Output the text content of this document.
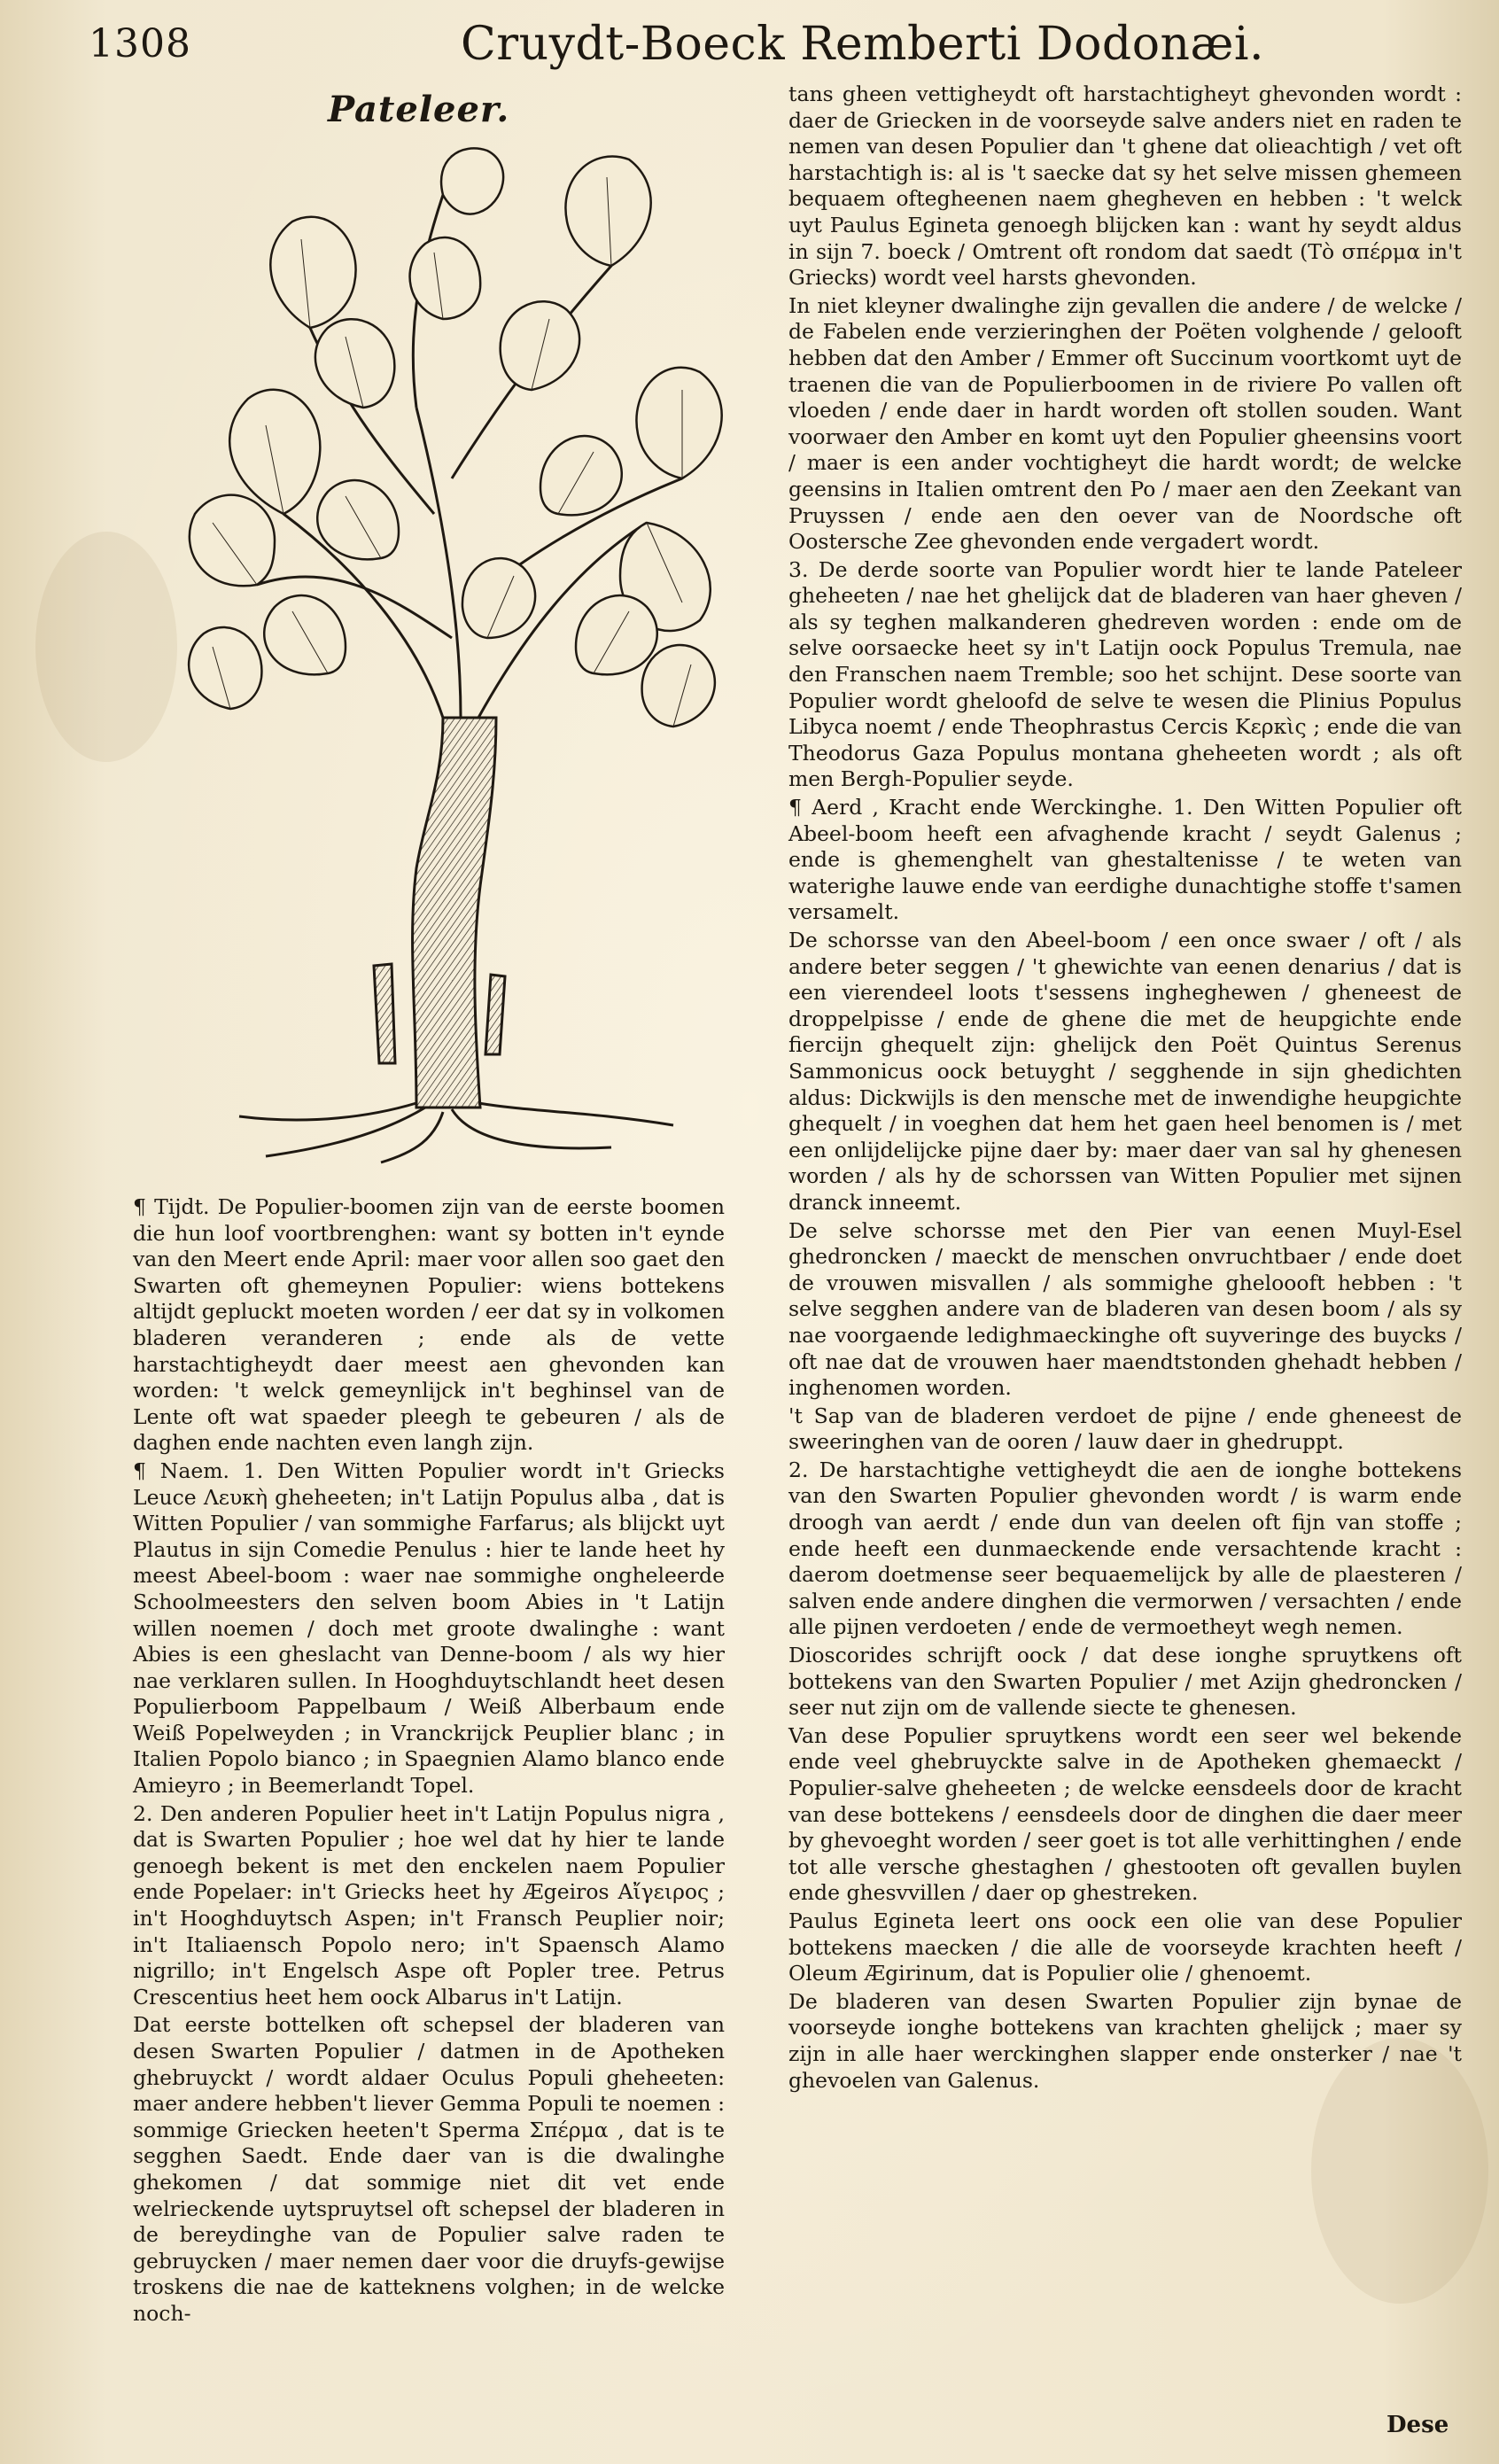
1308	Cruydt-Boeck Remberti Dodonæi.
Pateleer.

¶ Tijdt. De Populier-boomen zijn van de eerste boomen die hun loof voortbrenghen: want sy botten in't eynde van den Meert ende April: maer voor allen soo gaet den Swarten oft ghemeynen Populier: wiens bottekens altijdt gepluckt moeten worden / eer dat sy in volkomen bladeren veranderen ; ende als de vette harstachtigheydt daer meest aen ghevonden kan worden: 't welck gemeynlijck in't beghinsel van de Lente oft wat spaeder pleegh te gebeuren / als de daghen ende nachten even langh zijn.

¶ Naem. 1. Den Witten Populier wordt in't Griecks Leuce Λευκὴ gheheeten; in't Latijn Populus alba , dat is Witten Populier / van sommighe Farfarus; als blijckt uyt Plautus in sijn Comedie Penulus : hier te lande heet hy meest Abeel-boom : waer nae sommighe ongheleerde Schoolmeesters den selven boom Abies in 't Latijn willen noemen / doch met groote dwalinghe : want Abies is een gheslacht van Denne-boom / als wy hier nae verklaren sullen. In Hooghduytschlandt heet desen Populierboom Pappelbaum / Weiß Alberbaum ende Weiß Popelweyden ; in Vranckrijck Peuplier blanc ; in Italien Popolo bianco ; in Spaegnien Alamo blanco ende Amieyro ; in Beemerlandt Topel.

2. Den anderen Populier heet in't Latijn Populus nigra , dat is Swarten Populier ; hoe wel dat hy hier te lande genoegh bekent is met den enckelen naem Populier ende Popelaer: in't Griecks heet hy Ægeiros Αἴγειρος ; in't Hooghduytsch Aspen; in't Fransch Peuplier noir; in't Italiaensch Popolo nero; in't Spaensch Alamo nigrillo; in't Engelsch Aspe oft Popler tree. Petrus Crescentius heet hem oock Albarus in't Latijn.

Dat eerste bottelken oft schepsel der bladeren van desen Swarten Populier / datmen in de Apotheken ghebruyckt / wordt aldaer Oculus Populi gheheeten: maer andere hebben't liever Gemma Populi te noemen : sommige Griecken heeten't Sperma Σπέρμα , dat is te segghen Saedt. Ende daer van is die dwalinghe ghekomen / dat sommige niet dit vet ende welrieckende uytspruytsel oft schepsel der bladeren in de bereydinghe van de Populier salve raden te gebruycken / maer nemen daer voor die druyfs-gewijse troskens die nae de katteknens volghen; in de welcke noch-

tans gheen vettigheydt oft harstachtigheyt ghevonden wordt : daer de Griecken in de voorseyde salve anders niet en raden te nemen van desen Populier dan 't ghene dat olieachtigh / vet oft harstachtigh is: al is 't saecke dat sy het selve missen ghemeen bequaem oftegheenen naem ghegheven en hebben : 't welck uyt Paulus Egineta genoegh blijcken kan : want hy seydt aldus in sijn 7. boeck / Omtrent oft rondom dat saedt (Τὸ σπέρμα in't Griecks) wordt veel harsts ghevonden.

In niet kleyner dwalinghe zijn gevallen die andere / de welcke / de Fabelen ende verzieringhen der Poëten volghende / gelooft hebben dat den Amber / Emmer oft Succinum voortkomt uyt de traenen die van de Populierboomen in de riviere Po vallen oft vloeden / ende daer in hardt worden oft stollen souden. Want voorwaer den Amber en komt uyt den Populier gheensins voort / maer is een ander vochtigheyt die hardt wordt; de welcke geensins in Italien omtrent den Po / maer aen den Zeekant van Pruyssen / ende aen den oever van de Noordsche oft Oostersche Zee ghevonden ende vergadert wordt.

3. De derde soorte van Populier wordt hier te lande Pateleer gheheeten / nae het ghelijck dat de bladeren van haer gheven / als sy teghen malkanderen ghedreven worden : ende om de selve oorsaecke heet sy in't Latijn oock Populus Tremula, nae den Franschen naem Tremble; soo het schijnt. Dese soorte van Populier wordt gheloofd de selve te wesen die Plinius Populus Libyca noemt / ende Theophrastus Cercis Κερκὶς ; ende die van Theodorus Gaza Populus montana gheheeten wordt ; als oft men Bergh-Populier seyde.

¶ Aerd , Kracht ende Werckinghe. 1. Den Witten Populier oft Abeel-boom heeft een afvaghende kracht / seydt Galenus ; ende is ghemenghelt van ghestaltenisse / te weten van waterighe lauwe ende van eerdighe dunachtighe stoffe t'samen versamelt.

De schorsse van den Abeel-boom / een once swaer / oft / als andere beter seggen / 't ghewichte van eenen denarius / dat is een vierendeel loots t'sessens ingheghewen / gheneest de droppelpisse / ende de ghene die met de heupgichte ende fiercijn ghequelt zijn: ghelijck den Poët Quintus Serenus Sammonicus oock betuyght / segghende in sijn ghedichten aldus: Dickwijls is den mensche met de inwendighe heupgichte ghequelt / in voeghen dat hem het gaen heel benomen is / met een onlijdelijcke pijne daer by: maer daer van sal hy ghenesen worden / als hy de schorssen van Witten Populier met sijnen dranck inneemt.

De selve schorsse met den Pier van eenen Muyl-Esel ghedroncken / maeckt de menschen onvruchtbaer / ende doet de vrouwen misvallen / als sommighe gheloooft hebben : 't selve segghen andere van de bladeren van desen boom / als sy nae voorgaende ledighmaeckinghe oft suyveringe des buycks / oft nae dat de vrouwen haer maendtstonden ghehadt hebben / inghenomen worden.

't Sap van de bladeren verdoet de pijne / ende gheneest de sweeringhen van de ooren / lauw daer in ghedruppt.

2. De harstachtighe vettigheydt die aen de ionghe bottekens van den Swarten Populier ghevonden wordt / is warm ende droogh van aerdt / ende dun van deelen oft fijn van stoffe ; ende heeft een dunmaeckende ende versachtende kracht : daerom doetmense seer bequaemelijck by alle de plaesteren / salven ende andere dinghen die vermorwen / versachten / ende alle pijnen verdoeten / ende de vermoetheyt wegh nemen.

Dioscorides schrijft oock / dat dese ionghe spruytkens oft bottekens van den Swarten Populier / met Azijn ghedroncken / seer nut zijn om de vallende siecte te ghenesen.

Van dese Populier spruytkens wordt een seer wel bekende ende veel ghebruyckte salve in de Apotheken ghemaeckt / Populier-salve gheheeten ; de welcke eensdeels door de kracht van dese bottekens / eensdeels door de dinghen die daer meer by ghevoeght worden / seer goet is tot alle verhittinghen / ende tot alle versche ghestaghen / ghestooten oft gevallen buylen ende ghesvvillen / daer op ghestreken.

Paulus Egineta leert ons oock een olie van dese Populier bottekens maecken / die alle de voorseyde krachten heeft / Oleum Ægirinum, dat is Populier olie / ghenoemt.

De bladeren van desen Swarten Populier zijn bynae de voorseyde ionghe bottekens van krachten ghelijck ; maer sy zijn in alle haer werckinghen slapper ende onsterker / nae 't ghevoelen van Galenus.

Dese
